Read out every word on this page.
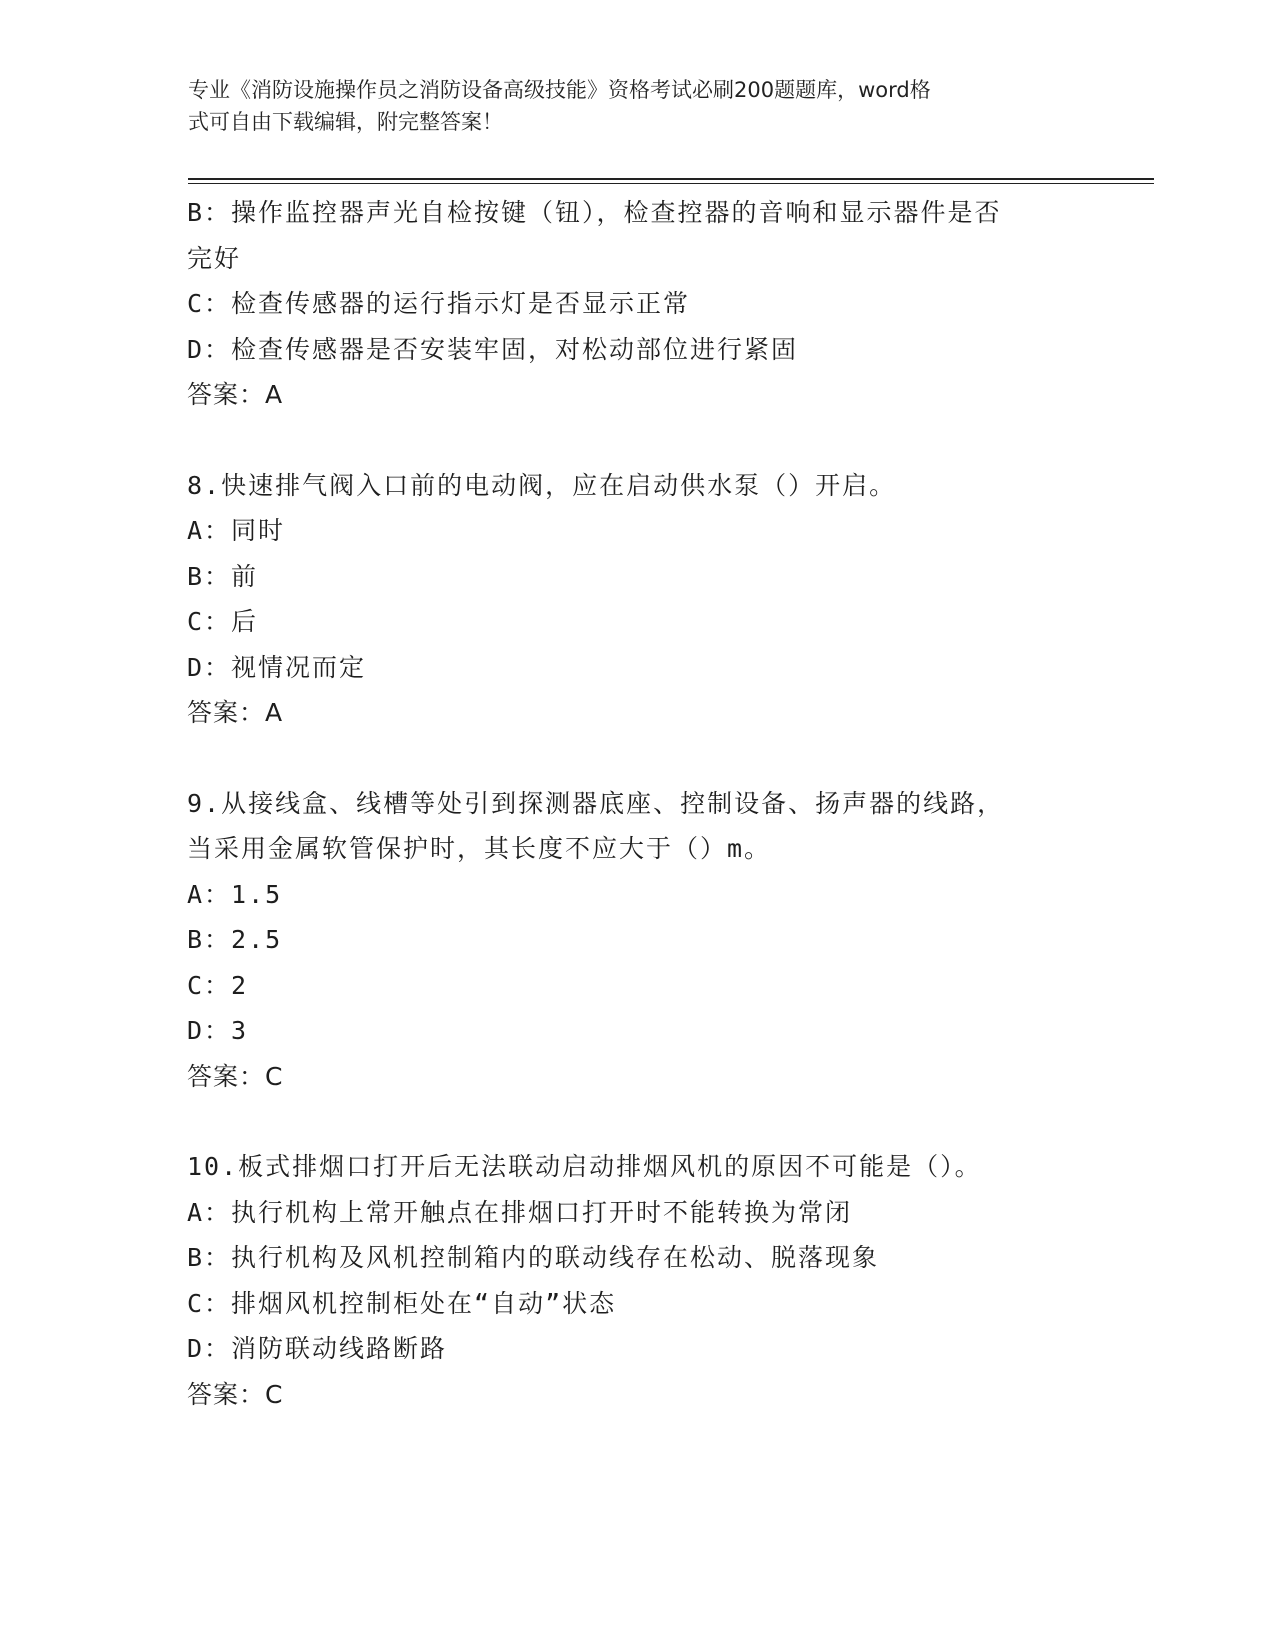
专业《消防设施操作员之消防设备高级技能》资格考试必刷200题题库，word格
式可自由下载编辑，附完整答案！
B：操作监控器声光自检按键（钮），检查控器的音响和显示器件是否
完好
C：检查传感器的运行指示灯是否显示正常
D：检查传感器是否安装牢固，对松动部位进行紧固
答案：A
8.快速排气阀入口前的电动阀，应在启动供水泵（）开启。
A：同时
B：前
C：后
D：视情况而定
答案：A
9.从接线盒、线槽等处引到探测器底座、控制设备、扬声器的线路，
当采用金属软管保护时，其长度不应大于（）m。
A：1.5
B：2.5
C：2
D：3
答案：C
10.板式排烟口打开后无法联动启动排烟风机的原因不可能是（）。
A：执行机构上常开触点在排烟口打开时不能转换为常闭
B：执行机构及风机控制箱内的联动线存在松动、脱落现象
C：排烟风机控制柜处在“自动”状态
D：消防联动线路断路
答案：C
